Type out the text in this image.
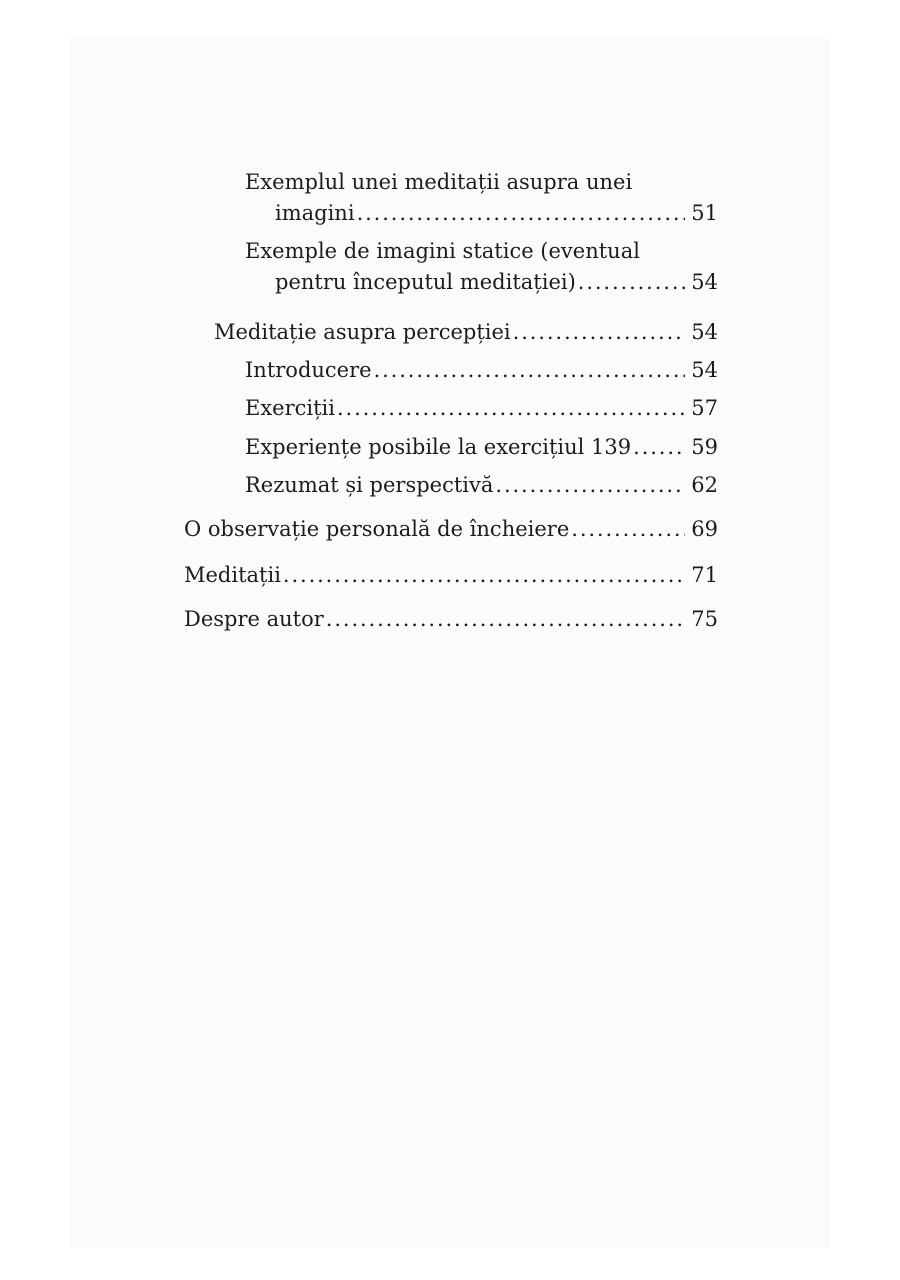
Exemplul unei meditații asupra unei
imagini . . .	51
Exemple de imagini statice (eventual
pentru începutul meditației) . . .	54
Meditație asupra percepției . . .	54
Introducere . . .	54
Exerciții . . .	57
Experiențe posibile la exercițiul 139 . . .	59
Rezumat și perspectivă . . .	62
O observație personală de încheiere . . .	69
Meditații . . .	71
Despre autor . . .	75
